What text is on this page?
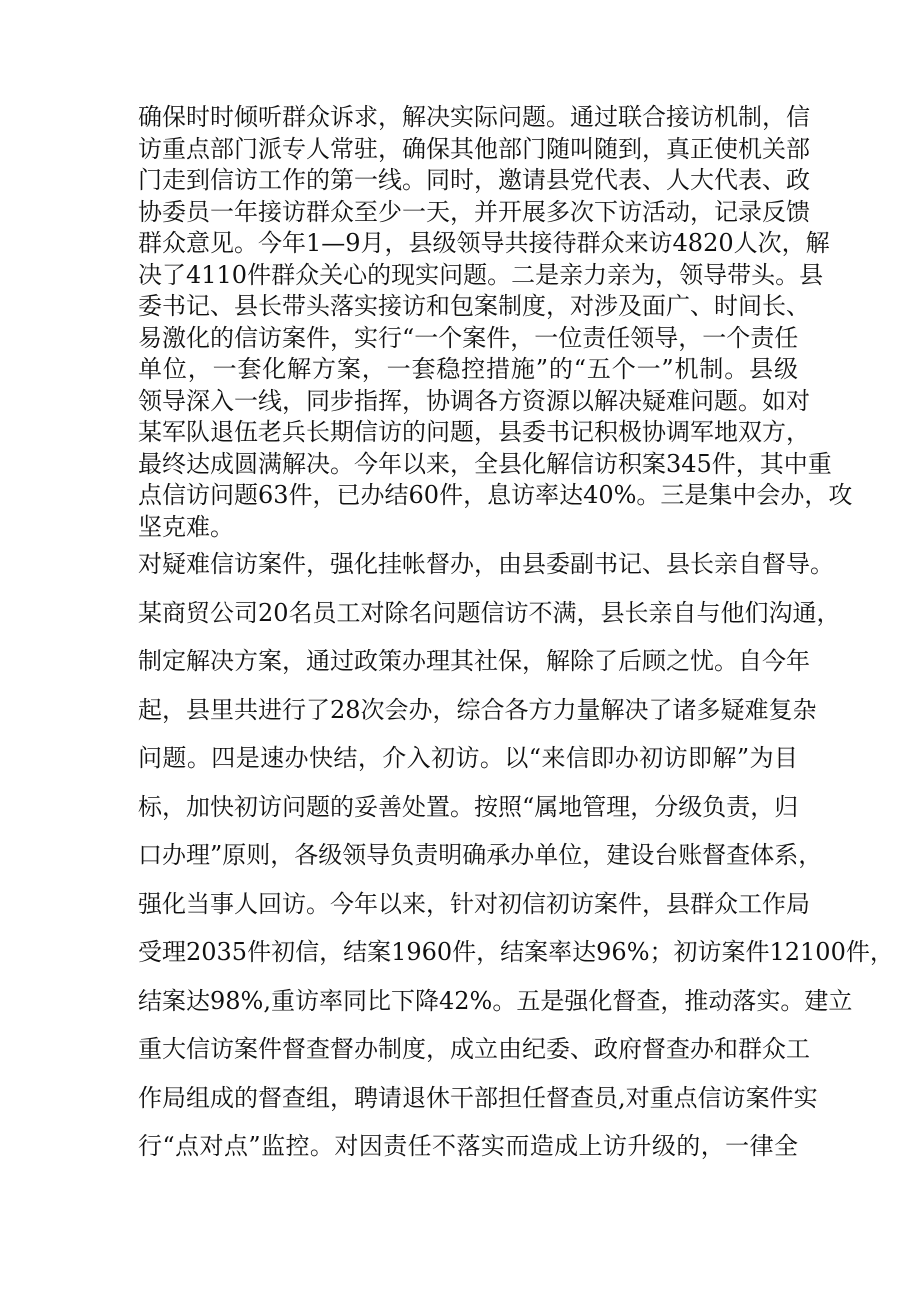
确保时时倾听群众诉求，解决实际问题。通过联合接访机制，信
访重点部门派专人常驻，确保其他部门随叫随到，真正使机关部
门走到信访工作的第一线。同时，邀请县党代表、人大代表、政
协委员一年接访群众至少一天，并开展多次下访活动，记录反馈
群众意见。今年1—9月，县级领导共接待群众来访4820人次，解
决了4110件群众关心的现实问题。二是亲力亲为，领导带头。县
委书记、县长带头落实接访和包案制度，对涉及面广、时间长、
易激化的信访案件，实行“一个案件，一位责任领导，一个责任
单位，一套化解方案，一套稳控措施”的“五个一”机制。县级
领导深入一线，同步指挥，协调各方资源以解决疑难问题。如对
某军队退伍老兵长期信访的问题，县委书记积极协调军地双方，
最终达成圆满解决。今年以来，全县化解信访积案345件，其中重
点信访问题63件，已办结60件，息访率达40%。三是集中会办，攻
坚克难。
对疑难信访案件，强化挂帐督办，由县委副书记、县长亲自督导。
某商贸公司20名员工对除名问题信访不满，县长亲自与他们沟通，
制定解决方案，通过政策办理其社保，解除了后顾之忧。自今年
起，县里共进行了28次会办，综合各方力量解决了诸多疑难复杂
问题。四是速办快结，介入初访。以“来信即办初访即解”为目
标，加快初访问题的妥善处置。按照“属地管理，分级负责，归
口办理”原则，各级领导负责明确承办单位，建设台账督查体系，
强化当事人回访。今年以来，针对初信初访案件，县群众工作局
受理2035件初信，结案1960件，结案率达96%；初访案件12100件，
结案达98%,重访率同比下降42%。五是强化督查，推动落实。建立
重大信访案件督查督办制度，成立由纪委、政府督查办和群众工
作局组成的督查组，聘请退休干部担任督查员,对重点信访案件实
行“点对点”监控。对因责任不落实而造成上访升级的，一律全
